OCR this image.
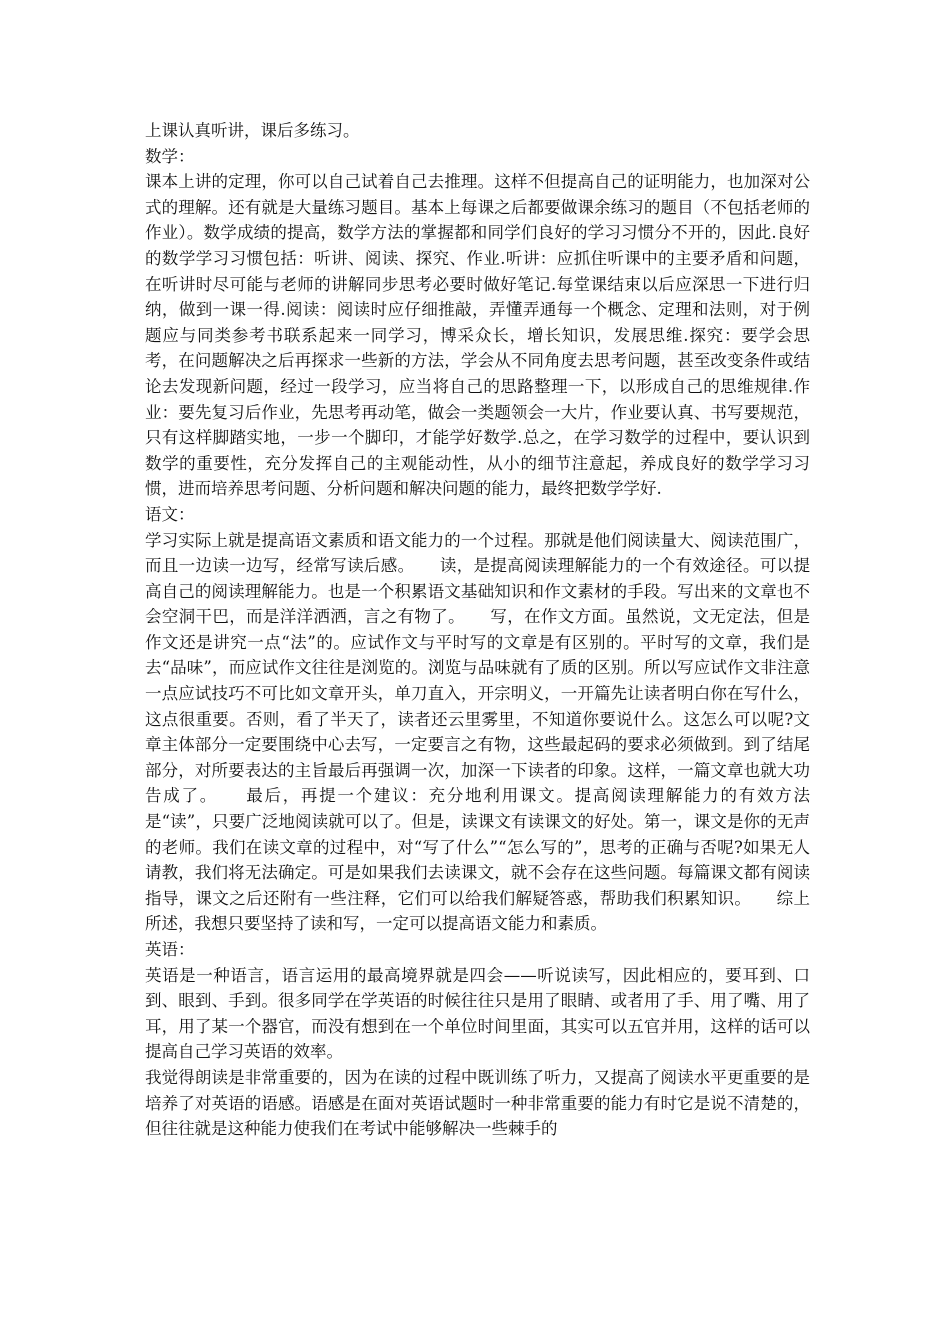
上课认真听讲，课后多练习。

数学：

课本上讲的定理，你可以自己试着自己去推理。这样不但提高自己的证明能力，也加深对公式的理解。还有就是大量练习题目。基本上每课之后都要做课余练习的题目（不包括老师的作业）。数学成绩的提高，数学方法的掌握都和同学们良好的学习习惯分不开的，因此.良好的数学学习习惯包括：听讲、阅读、探究、作业.听讲：应抓住听课中的主要矛盾和问题，在听讲时尽可能与老师的讲解同步思考必要时做好笔记.每堂课结束以后应深思一下进行归纳，做到一课一得.阅读：阅读时应仔细推敲，弄懂弄通每一个概念、定理和法则，对于例题应与同类参考书联系起来一同学习，博采众长，增长知识，发展思维.探究：要学会思考，在问题解决之后再探求一些新的方法，学会从不同角度去思考问题，甚至改变条件或结论去发现新问题，经过一段学习，应当将自己的思路整理一下，以形成自己的思维规律.作业：要先复习后作业，先思考再动笔，做会一类题领会一大片，作业要认真、书写要规范，只有这样脚踏实地，一步一个脚印，才能学好数学.总之，在学习数学的过程中，要认识到数学的重要性，充分发挥自己的主观能动性，从小的细节注意起，养成良好的数学学习习惯，进而培养思考问题、分析问题和解决问题的能力，最终把数学学好.

语文：

学习实际上就是提高语文素质和语文能力的一个过程。那就是他们阅读量大、阅读范围广，而且一边读一边写，经常写读后感。　　读，是提高阅读理解能力的一个有效途径。可以提高自己的阅读理解能力。也是一个积累语文基础知识和作文素材的手段。写出来的文章也不会空洞干巴，而是洋洋洒洒，言之有物了。　　写，在作文方面。虽然说，文无定法，但是作文还是讲究一点“法”的。应试作文与平时写的文章是有区别的。平时写的文章，我们是去“品味”，而应试作文往往是浏览的。浏览与品味就有了质的区别。所以写应试作文非注意一点应试技巧不可比如文章开头，单刀直入，开宗明义，一开篇先让读者明白你在写什么，这点很重要。否则，看了半天了，读者还云里雾里，不知道你要说什么。这怎么可以呢?文章主体部分一定要围绕中心去写，一定要言之有物，这些最起码的要求必须做到。到了结尾部分，对所要表达的主旨最后再强调一次，加深一下读者的印象。这样，一篇文章也就大功告成了。　　最后，再提一个建议：充分地利用课文。提高阅读理解能力的有效方法是“读”，只要广泛地阅读就可以了。但是，读课文有读课文的好处。第一，课文是你的无声的老师。我们在读文章的过程中，对“写了什么”“怎么写的”，思考的正确与否呢?如果无人请教，我们将无法确定。可是如果我们去读课文，就不会存在这些问题。每篇课文都有阅读指导，课文之后还附有一些注释，它们可以给我们解疑答惑，帮助我们积累知识。　　综上所述，我想只要坚持了读和写，一定可以提高语文能力和素质。

英语：

英语是一种语言，语言运用的最高境界就是四会——听说读写，因此相应的，要耳到、口到、眼到、手到。很多同学在学英语的时候往往只是用了眼睛、或者用了手、用了嘴、用了耳，用了某一个器官，而没有想到在一个单位时间里面，其实可以五官并用，这样的话可以提高自己学习英语的效率。

我觉得朗读是非常重要的，因为在读的过程中既训练了听力，又提高了阅读水平更重要的是培养了对英语的语感。语感是在面对英语试题时一种非常重要的能力有时它是说不清楚的，但往往就是这种能力使我们在考试中能够解决一些棘手的
